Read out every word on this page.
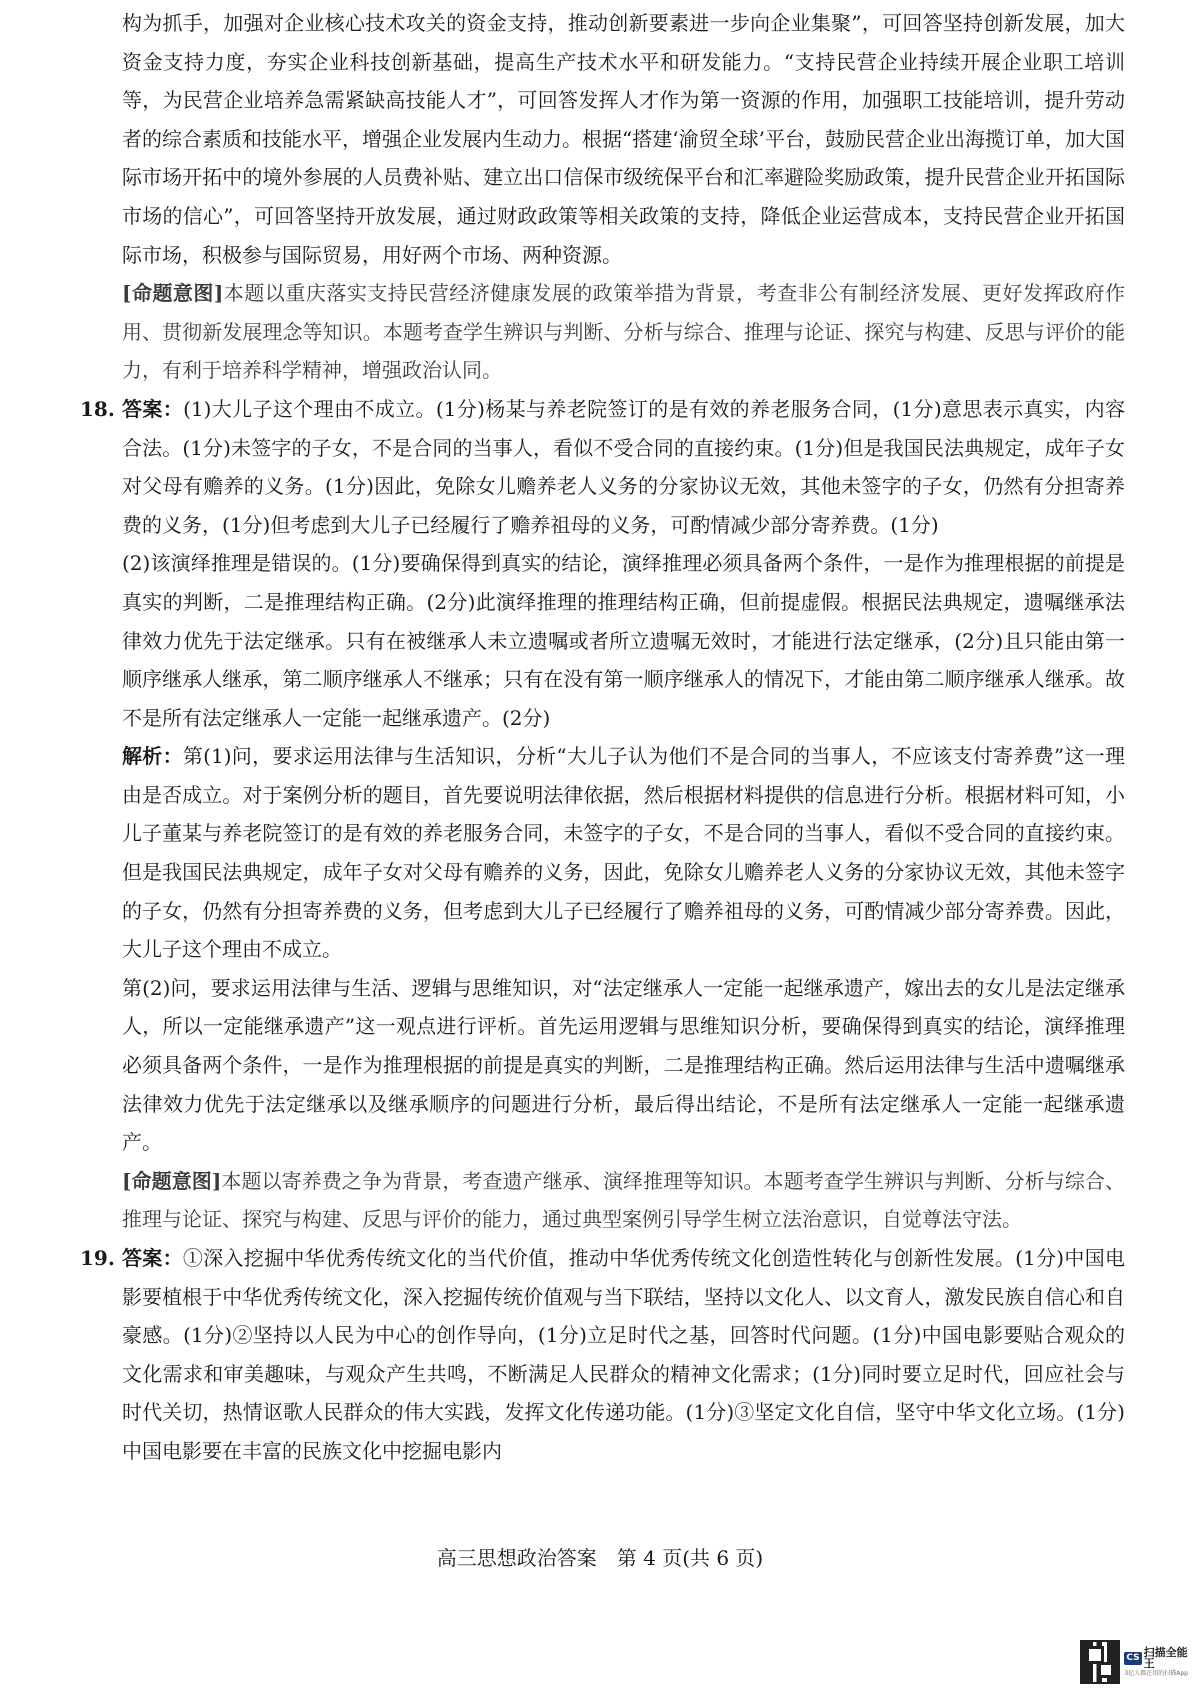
构为抓手，加强对企业核心技术攻关的资金支持，推动创新要素进一步向企业集聚”，可回答坚持创新发展，加大资金支持力度，夯实企业科技创新基础，提高生产技术水平和研发能力。“支持民营企业持续开展企业职工培训等，为民营企业培养急需紧缺高技能人才”，可回答发挥人才作为第一资源的作用，加强职工技能培训，提升劳动者的综合素质和技能水平，增强企业发展内生动力。根据“搭建‘渝贸全球’平台，鼓励民营企业出海揽订单，加大国际市场开拓中的境外参展的人员费补贴、建立出口信保市级统保平台和汇率避险奖励政策，提升民营企业开拓国际市场的信心”，可回答坚持开放发展，通过财政政策等相关政策的支持，降低企业运营成本，支持民营企业开拓国际市场，积极参与国际贸易，用好两个市场、两种资源。

[命题意图]本题以重庆落实支持民营经济健康发展的政策举措为背景，考查非公有制经济发展、更好发挥政府作用、贯彻新发展理念等知识。本题考查学生辨识与判断、分析与综合、推理与论证、探究与构建、反思与评价的能力，有利于培养科学精神，增强政治认同。

18. 答案：(1)大儿子这个理由不成立。(1分)杨某与养老院签订的是有效的养老服务合同，(1分)意思表示真实，内容合法。(1分)未签字的子女，不是合同的当事人，看似不受合同的直接约束。(1分)但是我国民法典规定，成年子女对父母有赡养的义务。(1分)因此，免除女儿赡养老人义务的分家协议无效，其他未签字的子女，仍然有分担寄养费的义务，(1分)但考虑到大儿子已经履行了赡养祖母的义务，可酌情减少部分寄养费。(1分)

(2)该演绎推理是错误的。(1分)要确保得到真实的结论，演绎推理必须具备两个条件，一是作为推理根据的前提是真实的判断，二是推理结构正确。(2分)此演绎推理的推理结构正确，但前提虚假。根据民法典规定，遗嘱继承法律效力优先于法定继承。只有在被继承人未立遗嘱或者所立遗嘱无效时，才能进行法定继承，(2分)且只能由第一顺序继承人继承，第二顺序继承人不继承；只有在没有第一顺序继承人的情况下，才能由第二顺序继承人继承。故不是所有法定继承人一定能一起继承遗产。(2分)

解析：第(1)问，要求运用法律与生活知识，分析“大儿子认为他们不是合同的当事人，不应该支付寄养费”这一理由是否成立。对于案例分析的题目，首先要说明法律依据，然后根据材料提供的信息进行分析。根据材料可知，小儿子董某与养老院签订的是有效的养老服务合同，未签字的子女，不是合同的当事人，看似不受合同的直接约束。但是我国民法典规定，成年子女对父母有赡养的义务，因此，免除女儿赡养老人义务的分家协议无效，其他未签字的子女，仍然有分担寄养费的义务，但考虑到大儿子已经履行了赡养祖母的义务，可酌情减少部分寄养费。因此，大儿子这个理由不成立。

第(2)问，要求运用法律与生活、逻辑与思维知识，对“法定继承人一定能一起继承遗产，嫁出去的女儿是法定继承人，所以一定能继承遗产”这一观点进行评析。首先运用逻辑与思维知识分析，要确保得到真实的结论，演绎推理必须具备两个条件，一是作为推理根据的前提是真实的判断，二是推理结构正确。然后运用法律与生活中遗嘱继承法律效力优先于法定继承以及继承顺序的问题进行分析，最后得出结论，不是所有法定继承人一定能一起继承遗产。

[命题意图]本题以寄养费之争为背景，考查遗产继承、演绎推理等知识。本题考查学生辨识与判断、分析与综合、推理与论证、探究与构建、反思与评价的能力，通过典型案例引导学生树立法治意识，自觉尊法守法。

19. 答案：①深入挖掘中华优秀传统文化的当代价值，推动中华优秀传统文化创造性转化与创新性发展。(1分)中国电影要植根于中华优秀传统文化，深入挖掘传统价值观与当下联结，坚持以文化人、以文育人，激发民族自信心和自豪感。(1分)②坚持以人民为中心的创作导向，(1分)立足时代之基，回答时代问题。(1分)中国电影要贴合观众的文化需求和审美趣味，与观众产生共鸣，不断满足人民群众的精神文化需求；(1分)同时要立足时代，回应社会与时代关切，热情讴歌人民群众的伟大实践，发挥文化传递功能。(1分)③坚定文化自信，坚守中华文化立场。(1分)中国电影要在丰富的民族文化中挖掘电影内

高三思想政治答案　第 4 页(共 6 页)
CS 扫描全能王
3亿人都在用的扫描App
